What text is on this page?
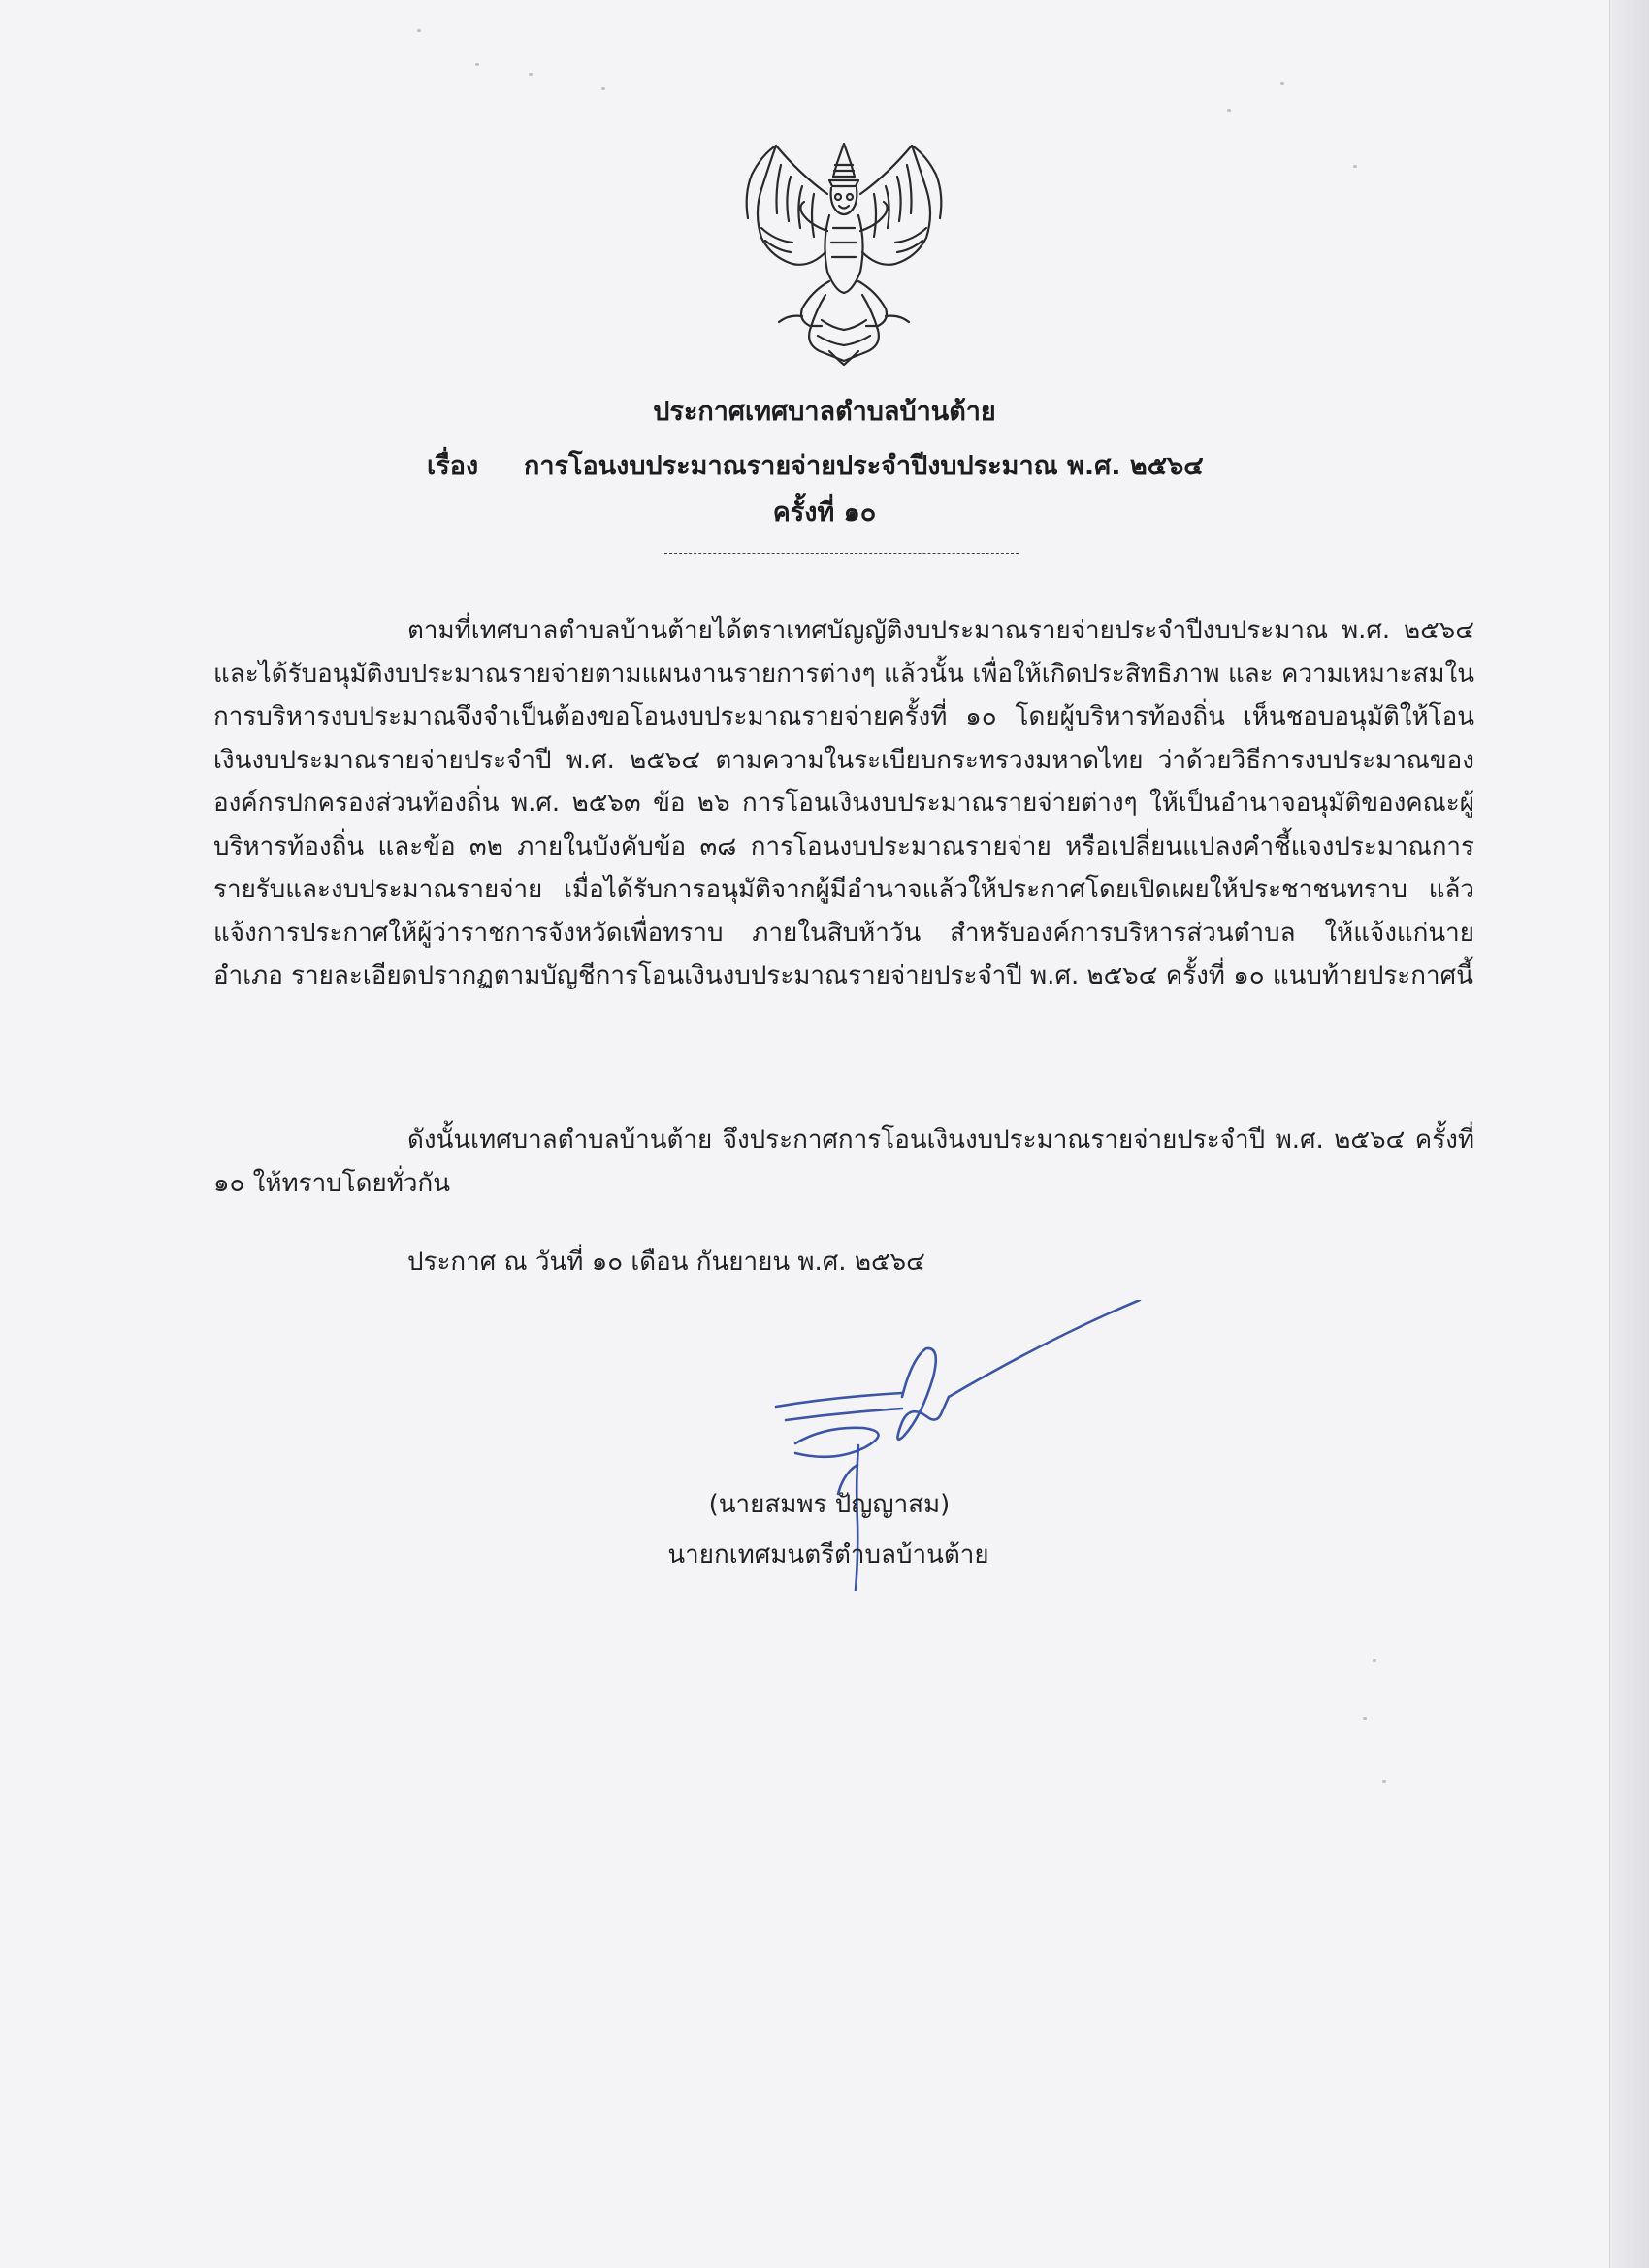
ประกาศเทศบาลตำบลบ้านต้าย
เรื่อง การโอนงบประมาณรายจ่ายประจำปีงบประมาณ พ.ศ. ๒๕๖๔
ครั้งที่ ๑๐
ตามที่เทศบาลตำบลบ้านต้ายได้ตราเทศบัญญัติงบประมาณรายจ่ายประจำปีงบประมาณ พ.ศ. ๒๕๖๔ และได้รับอนุมัติงบประมาณรายจ่ายตามแผนงานรายการต่างๆ แล้วนั้น เพื่อให้เกิดประสิทธิภาพ และ ความเหมาะสมในการบริหารงบประมาณจึงจำเป็นต้องขอโอนงบประมาณรายจ่ายครั้งที่ ๑๐ โดยผู้บริหารท้องถิ่น เห็นชอบอนุมัติให้โอนเงินงบประมาณรายจ่ายประจำปี พ.ศ. ๒๕๖๔ ตามความในระเบียบกระทรวงมหาดไทย ว่าด้วยวิธีการงบประมาณขององค์กรปกครองส่วนท้องถิ่น พ.ศ. ๒๕๖๓ ข้อ ๒๖ การโอนเงินงบประมาณรายจ่ายต่างๆ ให้เป็นอำนาจอนุมัติของคณะผู้บริหารท้องถิ่น และข้อ ๓๒ ภายในบังคับข้อ ๓๘ การโอนงบประมาณรายจ่าย หรือเปลี่ยนแปลงคำชี้แจงประมาณการรายรับและงบประมาณรายจ่าย เมื่อได้รับการอนุมัติจากผู้มีอำนาจแล้วให้ประกาศโดยเปิดเผยให้ประชาชนทราบ แล้วแจ้งการประกาศให้ผู้ว่าราชการจังหวัดเพื่อทราบ ภายในสิบห้าวัน สำหรับองค์การบริหารส่วนตำบล ให้แจ้งแก่นายอำเภอ รายละเอียดปรากฏตามบัญชีการโอนเงินงบประมาณรายจ่ายประจำปี พ.ศ. ๒๕๖๔ ครั้งที่ ๑๐ แนบท้ายประกาศนี้
ดังนั้นเทศบาลตำบลบ้านต้าย จึงประกาศการโอนเงินงบประมาณรายจ่ายประจำปี พ.ศ. ๒๕๖๔ ครั้งที่ ๑๐ ให้ทราบโดยทั่วกัน
ประกาศ ณ วันที่ ๑๐ เดือน กันยายน พ.ศ. ๒๕๖๔
(นายสมพร ปัญญาสม)
นายกเทศมนตรีตำบลบ้านต้าย
